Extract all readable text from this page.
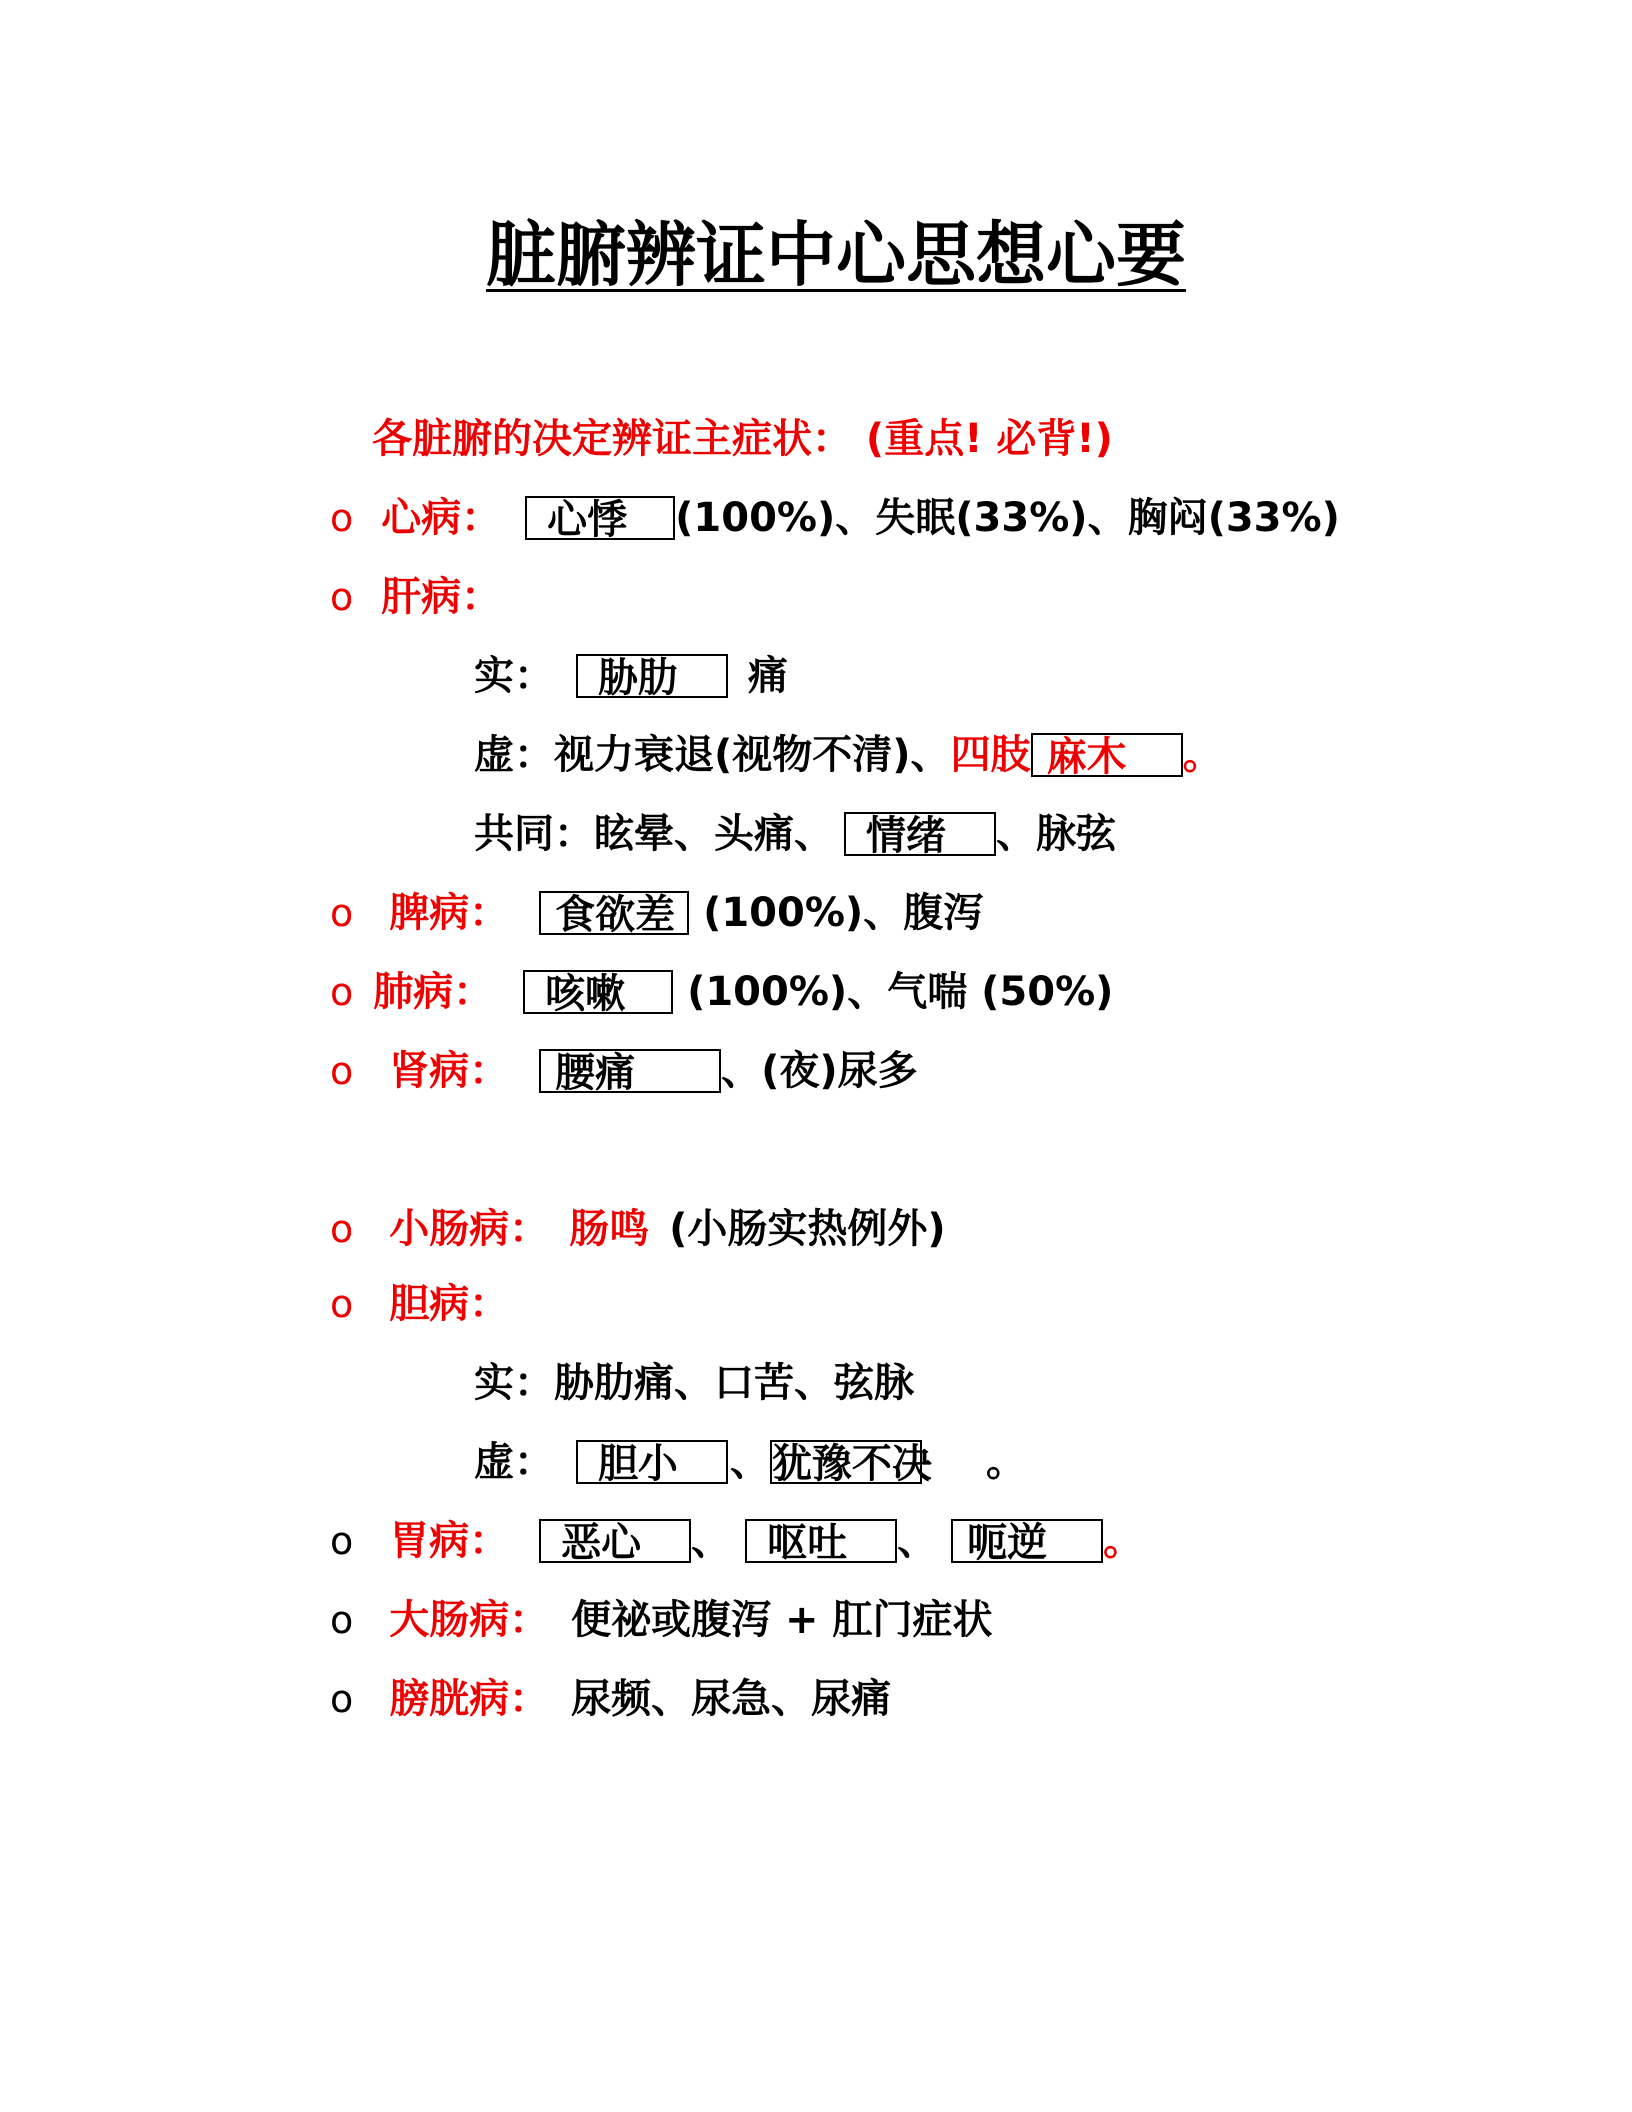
脏腑辨证中心思想心要
各脏腑的决定辨证主症状： (重点! 必背!)
o 心病： 心悸 (100%)、失眠(33%)、胸闷(33%)
o 肝病：
实： 胁肋 痛
虚：视力衰退(视物不清)、四肢 麻木 。
共同：眩晕、头痛、 情绪 、脉弦
o 脾病： 食欲差 (100%)、腹泻
o 肺病： 咳嗽 (100%)、气喘 (50%)
o 肾病： 腰痛 、(夜)尿多
o 小肠病： 肠鸣 (小肠实热例外)
o 胆病：
实：胁肋痛、口苦、弦脉
虚： 胆小 、犹豫不决 。
o 胃病： 恶心 、 呕吐 、 呃逆 。
o 大肠病： 便祕或腹泻 + 肛门症状
o 膀胱病： 尿频、尿急、尿痛
